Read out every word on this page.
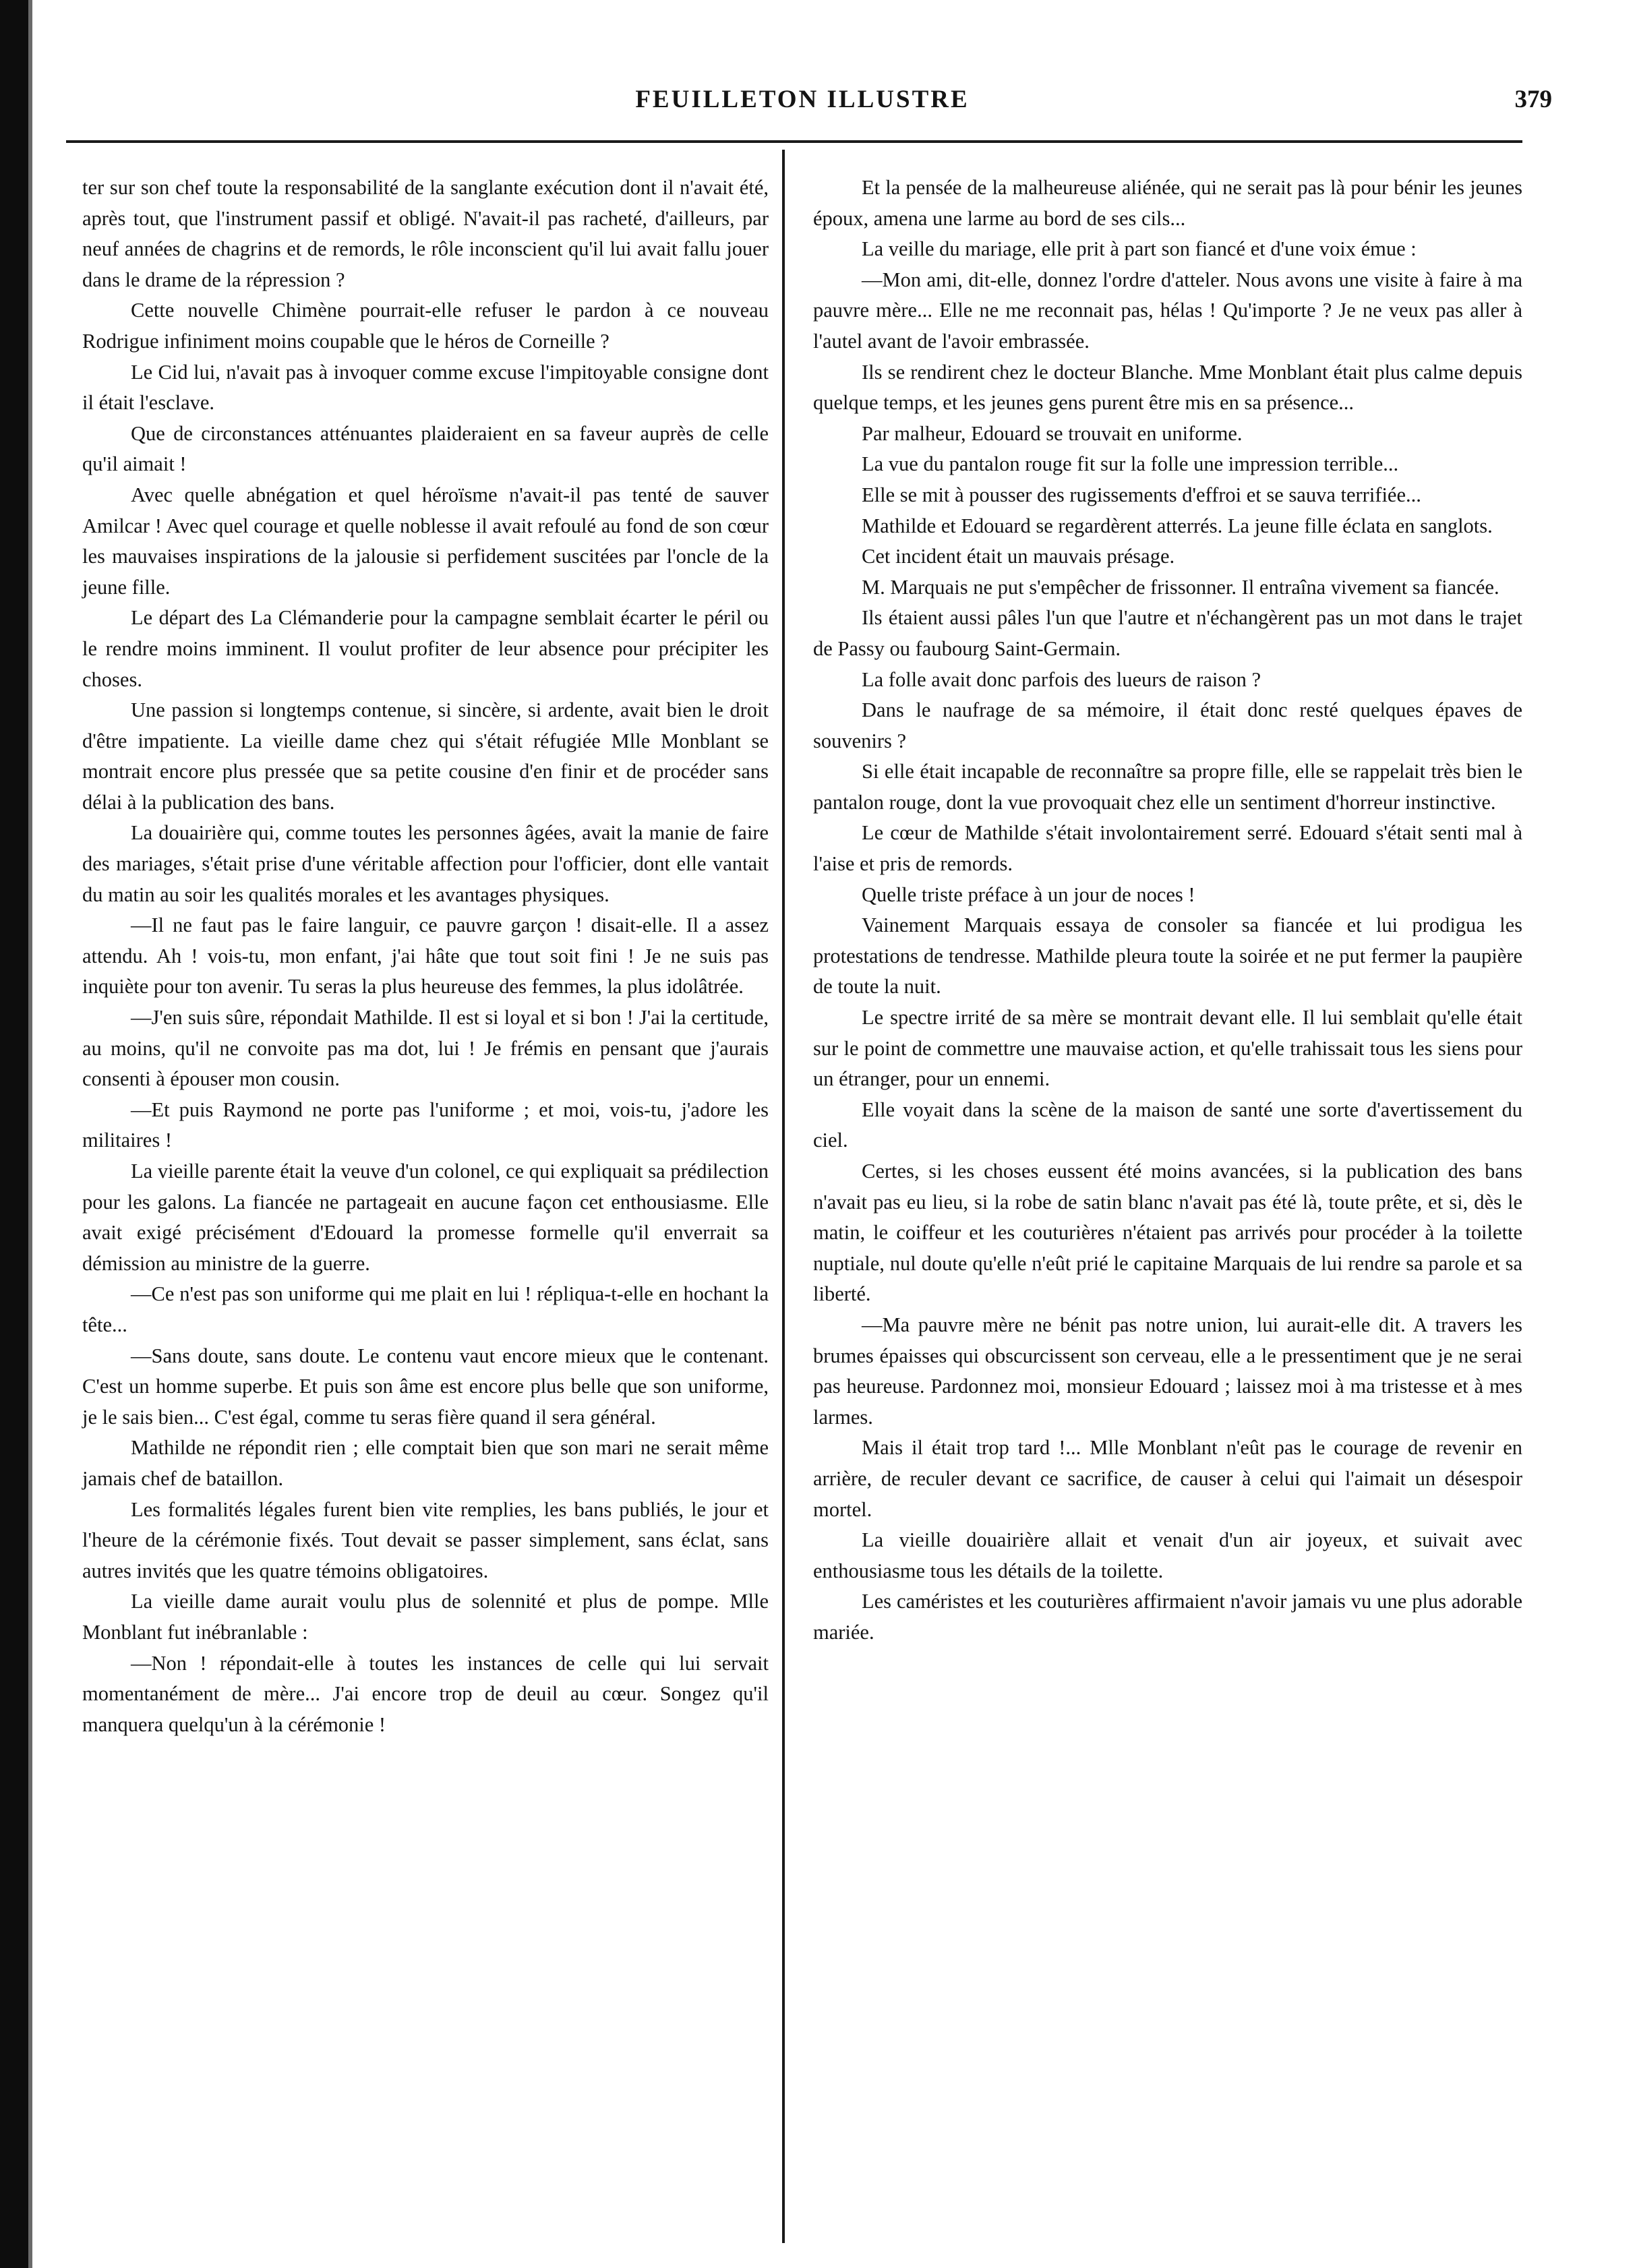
FEUILLETON ILLUSTRE	379

ter sur son chef toute la responsabilité de la sanglante exécution dont il n'avait été, après tout, que l'instrument passif et obligé. N'avait-il pas racheté, d'ailleurs, par neuf années de chagrins et de remords, le rôle inconscient qu'il lui avait fallu jouer dans le drame de la répression ?

Cette nouvelle Chimène pourrait-elle refuser le pardon à ce nouveau Rodrigue infiniment moins coupable que le héros de Corneille ?

Le Cid lui, n'avait pas à invoquer comme excuse l'impitoyable consigne dont il était l'esclave.

Que de circonstances atténuantes plaideraient en sa faveur auprès de celle qu'il aimait !

Avec quelle abnégation et quel héroïsme n'avait-il pas tenté de sauver Amilcar ! Avec quel courage et quelle noblesse il avait refoulé au fond de son cœur les mauvaises inspirations de la jalousie si perfidement suscitées par l'oncle de la jeune fille.

Le départ des La Clémanderie pour la campagne semblait écarter le péril ou le rendre moins imminent. Il voulut profiter de leur absence pour précipiter les choses.

Une passion si longtemps contenue, si sincère, si ardente, avait bien le droit d'être impatiente. La vieille dame chez qui s'était réfugiée Mlle Monblant se montrait encore plus pressée que sa petite cousine d'en finir et de procéder sans délai à la publication des bans.

La douairière qui, comme toutes les personnes âgées, avait la manie de faire des mariages, s'était prise d'une véritable affection pour l'officier, dont elle vantait du matin au soir les qualités morales et les avantages physiques.

—Il ne faut pas le faire languir, ce pauvre garçon ! disait-elle. Il a assez attendu. Ah ! vois-tu, mon enfant, j'ai hâte que tout soit fini ! Je ne suis pas inquiète pour ton avenir. Tu seras la plus heureuse des femmes, la plus idolâtrée.

—J'en suis sûre, répondait Mathilde. Il est si loyal et si bon ! J'ai la certitude, au moins, qu'il ne convoite pas ma dot, lui ! Je frémis en pensant que j'aurais consenti à épouser mon cousin.

—Et puis Raymond ne porte pas l'uniforme ; et moi, vois-tu, j'adore les militaires !

La vieille parente était la veuve d'un colonel, ce qui expliquait sa prédilection pour les galons. La fiancée ne partageait en aucune façon cet enthousiasme. Elle avait exigé précisément d'Edouard la promesse formelle qu'il enverrait sa démission au ministre de la guerre.

—Ce n'est pas son uniforme qui me plait en lui ! répliqua-t-elle en hochant la tête...

—Sans doute, sans doute. Le contenu vaut encore mieux que le contenant. C'est un homme superbe. Et puis son âme est encore plus belle que son uniforme, je le sais bien... C'est égal, comme tu seras fière quand il sera général.

Mathilde ne répondit rien ; elle comptait bien que son mari ne serait même jamais chef de bataillon.

Les formalités légales furent bien vite remplies, les bans publiés, le jour et l'heure de la cérémonie fixés. Tout devait se passer simplement, sans éclat, sans autres invités que les quatre témoins obligatoires.

La vieille dame aurait voulu plus de solennité et plus de pompe. Mlle Monblant fut inébranlable :

—Non ! répondait-elle à toutes les instances de celle qui lui servait momentanément de mère... J'ai encore trop de deuil au cœur. Songez qu'il manquera quelqu'un à la cérémonie !

Et la pensée de la malheureuse aliénée, qui ne serait pas là pour bénir les jeunes époux, amena une larme au bord de ses cils...

La veille du mariage, elle prit à part son fiancé et d'une voix émue :

—Mon ami, dit-elle, donnez l'ordre d'atteler. Nous avons une visite à faire à ma pauvre mère... Elle ne me reconnait pas, hélas ! Qu'importe ? Je ne veux pas aller à l'autel avant de l'avoir embrassée.

Ils se rendirent chez le docteur Blanche. Mme Monblant était plus calme depuis quelque temps, et les jeunes gens purent être mis en sa présence...

Par malheur, Edouard se trouvait en uniforme.

La vue du pantalon rouge fit sur la folle une impression terrible...

Elle se mit à pousser des rugissements d'effroi et se sauva terrifiée...

Mathilde et Edouard se regardèrent atterrés. La jeune fille éclata en sanglots.

Cet incident était un mauvais présage.

M. Marquais ne put s'empêcher de frissonner. Il entraîna vivement sa fiancée.

Ils étaient aussi pâles l'un que l'autre et n'échangèrent pas un mot dans le trajet de Passy ou faubourg Saint-Germain.

La folle avait donc parfois des lueurs de raison ?

Dans le naufrage de sa mémoire, il était donc resté quelques épaves de souvenirs ?

Si elle était incapable de reconnaître sa propre fille, elle se rappelait très bien le pantalon rouge, dont la vue provoquait chez elle un sentiment d'horreur instinctive.

Le cœur de Mathilde s'était involontairement serré. Edouard s'était senti mal à l'aise et pris de remords.

Quelle triste préface à un jour de noces !

Vainement Marquais essaya de consoler sa fiancée et lui prodigua les protestations de tendresse. Mathilde pleura toute la soirée et ne put fermer la paupière de toute la nuit.

Le spectre irrité de sa mère se montrait devant elle. Il lui semblait qu'elle était sur le point de commettre une mauvaise action, et qu'elle trahissait tous les siens pour un étranger, pour un ennemi.

Elle voyait dans la scène de la maison de santé une sorte d'avertissement du ciel.

Certes, si les choses eussent été moins avancées, si la publication des bans n'avait pas eu lieu, si la robe de satin blanc n'avait pas été là, toute prête, et si, dès le matin, le coiffeur et les couturières n'étaient pas arrivés pour procéder à la toilette nuptiale, nul doute qu'elle n'eût prié le capitaine Marquais de lui rendre sa parole et sa liberté.

—Ma pauvre mère ne bénit pas notre union, lui aurait-elle dit. A travers les brumes épaisses qui obscurcissent son cerveau, elle a le pressentiment que je ne serai pas heureuse. Pardonnez moi, monsieur Edouard ; laissez moi à ma tristesse et à mes larmes.

Mais il était trop tard !... Mlle Monblant n'eût pas le courage de revenir en arrière, de reculer devant ce sacrifice, de causer à celui qui l'aimait un désespoir mortel.

La vieille douairière allait et venait d'un air joyeux, et suivait avec enthousiasme tous les détails de la toilette.

Les caméristes et les couturières affirmaient n'avoir jamais vu une plus adorable mariée.
